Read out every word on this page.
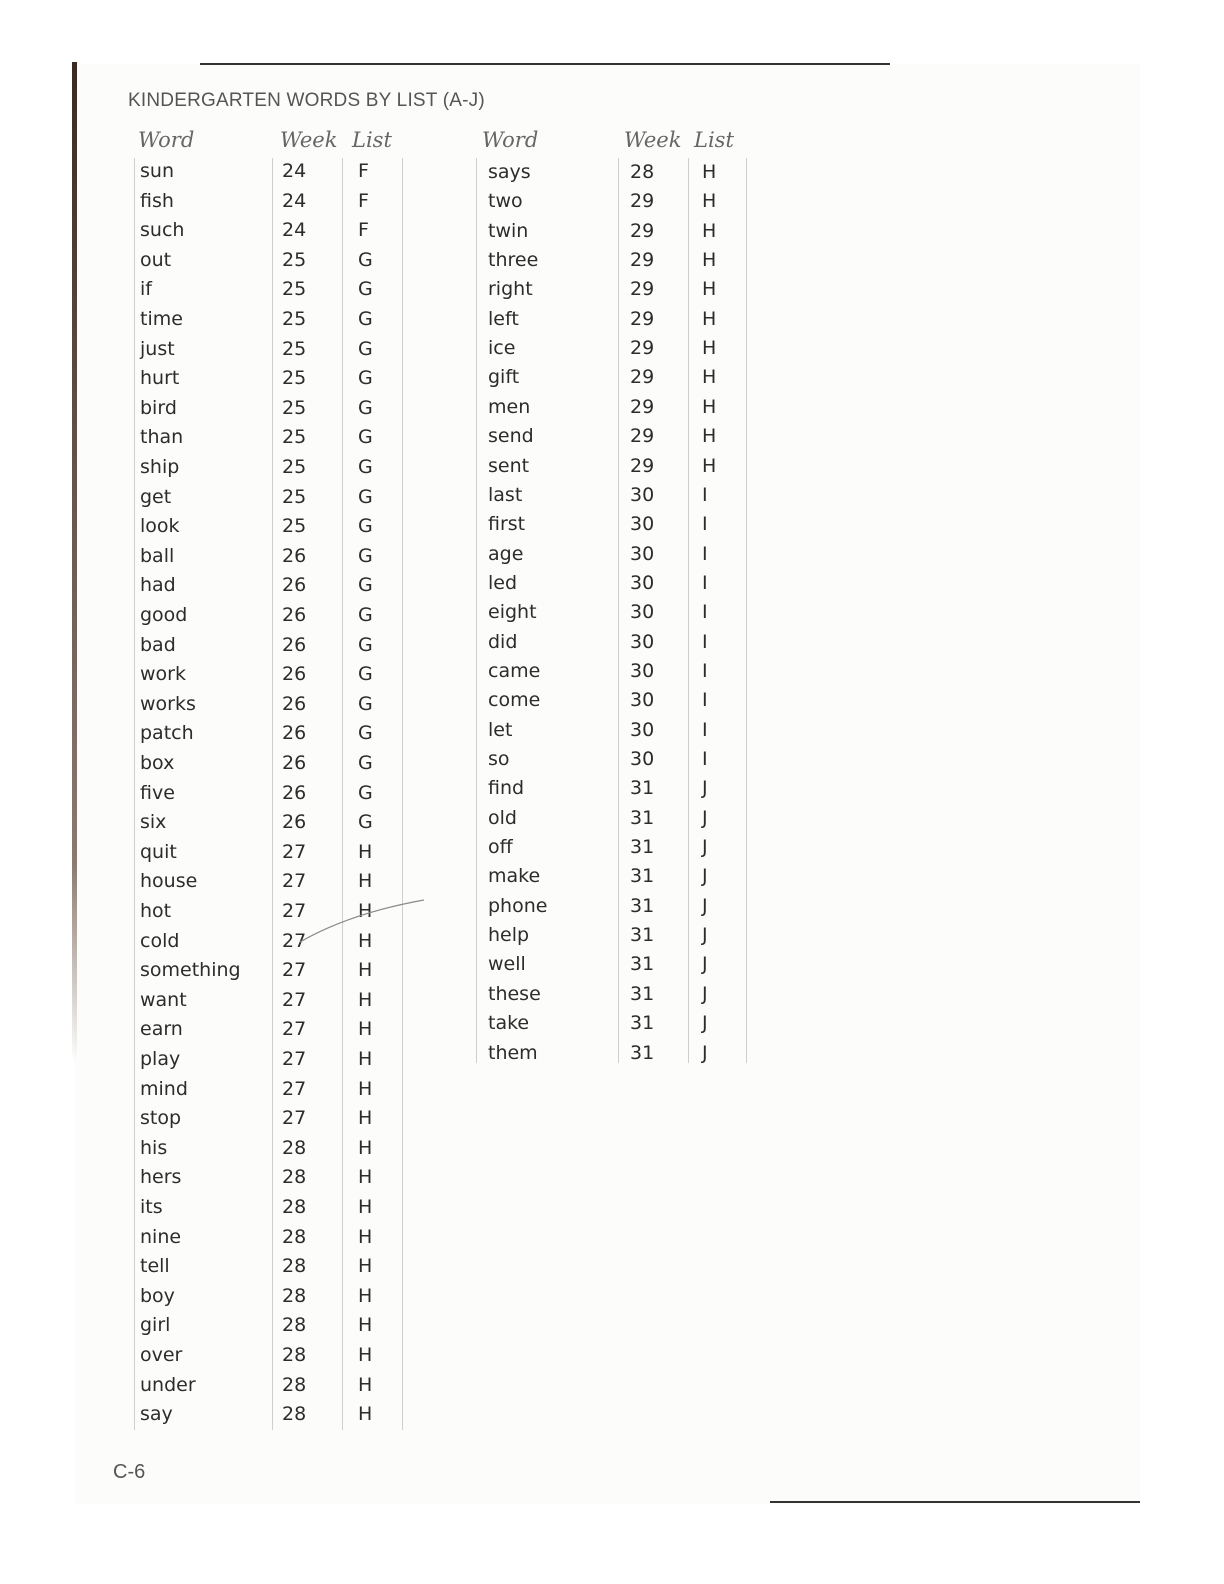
KINDERGARTEN WORDS BY LIST (A-J)
Word	Week List
sun	24	F
fish	24	F
such	24	F
out	25	G
if	25	G
time	25	G
just	25	G
hurt	25	G
bird	25	G
than	25	G
ship	25	G
get	25	G
look	25	G
ball	26	G
had	26	G
good	26	G
bad	26	G
work	26	G
works	26	G
patch	26	G
box	26	G
five	26	G
six	26	G
quit	27	H
house	27	H
hot	27	H
cold	27	H
something 27	H
want	27	H
earn	27	H
play	27	H
mind	27	H
stop	27	H
his	28	H
hers	28	H
its	28	H
nine	28	H
tell	28	H
boy	28	H
girl	28	H
over	28	H
under	28	H
say	28	H
Word	Week List
says	28	H
two	29	H
twin	29	H
three	29	H
right	29	H
left	29	H
ice	29	H
gift	29	H
men	29	H
send	29	H
sent	29	H
last	30	I
first	30	I
age	30	I
led	30	I
eight	30	I
did	30	I
came	30	I
come	30	I
let	30	I
so	30	I
find	31	J
old	31	J
off	31	J
make	31	J
phone	31	J
help	31	J
well	31	J
these	31	J
take	31	J
them	31	J
C-6
